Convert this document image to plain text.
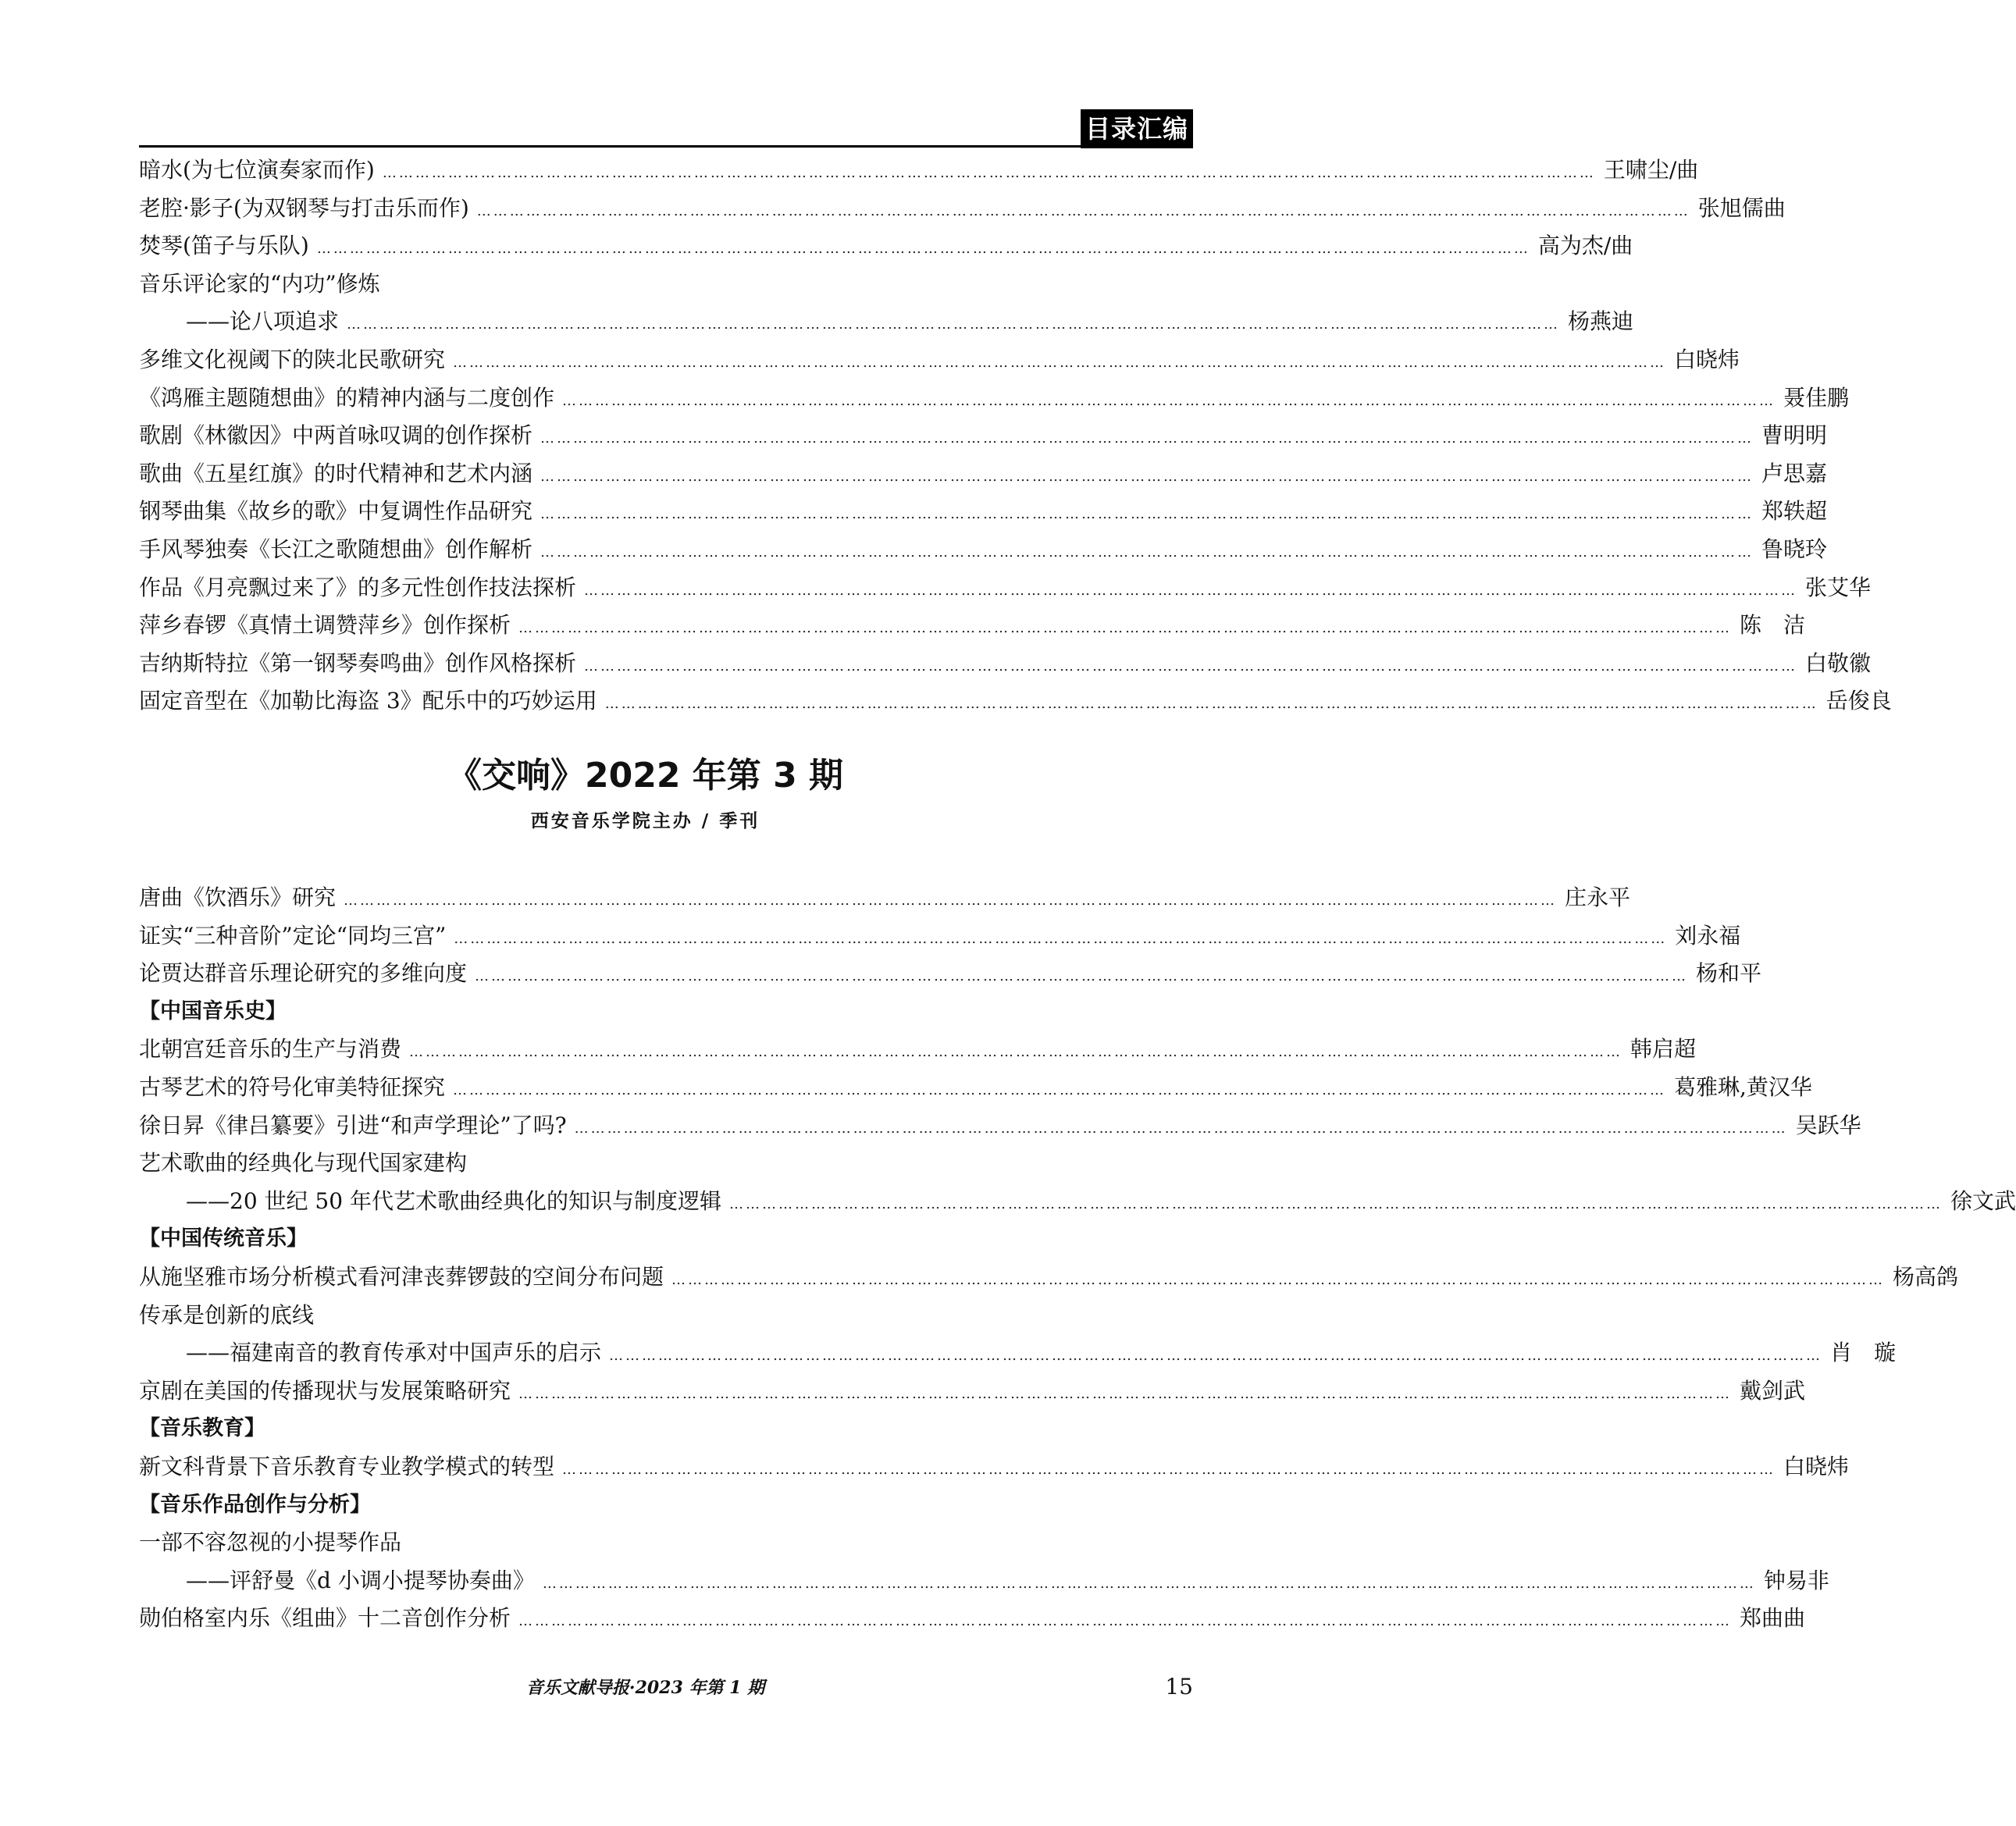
目录汇编
暗水(为七位演奏家而作) …………………………………………………………………………………………………………………………………………………………………………………………………… 王啸尘/曲
老腔·影子(为双钢琴与打击乐而作) …………………………………………………………………………………………………………………………………………………………………………………………………… 张旭儒曲
焚琴(笛子与乐队) …………………………………………………………………………………………………………………………………………………………………………………………………… 高为杰/曲
音乐评论家的“内功”修炼
——论八项追求 …………………………………………………………………………………………………………………………………………………………………………………………………… 杨燕迪
多维文化视阈下的陕北民歌研究 …………………………………………………………………………………………………………………………………………………………………………………………………… 白晓炜
《鸿雁主题随想曲》的精神内涵与二度创作 …………………………………………………………………………………………………………………………………………………………………………………………………… 聂佳鹏
歌剧《林徽因》中两首咏叹调的创作探析 …………………………………………………………………………………………………………………………………………………………………………………………………… 曹明明
歌曲《五星红旗》的时代精神和艺术内涵 …………………………………………………………………………………………………………………………………………………………………………………………………… 卢思嘉
钢琴曲集《故乡的歌》中复调性作品研究 …………………………………………………………………………………………………………………………………………………………………………………………………… 郑轶超
手风琴独奏《长江之歌随想曲》创作解析 …………………………………………………………………………………………………………………………………………………………………………………………………… 鲁晓玲
作品《月亮飘过来了》的多元性创作技法探析 …………………………………………………………………………………………………………………………………………………………………………………………………… 张艾华
萍乡春锣《真情土调赞萍乡》创作探析 …………………………………………………………………………………………………………………………………………………………………………………………………… 陈　洁
吉纳斯特拉《第一钢琴奏鸣曲》创作风格探析 …………………………………………………………………………………………………………………………………………………………………………………………………… 白敬徽
固定音型在《加勒比海盗 3》配乐中的巧妙运用 …………………………………………………………………………………………………………………………………………………………………………………………………… 岳俊良
《交响》2022 年第 3 期
西安音乐学院主办 / 季刊
唐曲《饮酒乐》研究 …………………………………………………………………………………………………………………………………………………………………………………………………… 庄永平
证实“三种音阶”定论“同均三宫” …………………………………………………………………………………………………………………………………………………………………………………………………… 刘永福
论贾达群音乐理论研究的多维向度 …………………………………………………………………………………………………………………………………………………………………………………………………… 杨和平
【中国音乐史】
北朝宫廷音乐的生产与消费 …………………………………………………………………………………………………………………………………………………………………………………………………… 韩启超
古琴艺术的符号化审美特征探究 …………………………………………………………………………………………………………………………………………………………………………………………………… 葛雅琳,黄汉华
徐日昇《律吕纂要》引进“和声学理论”了吗? …………………………………………………………………………………………………………………………………………………………………………………………………… 吴跃华
艺术歌曲的经典化与现代国家建构
——20 世纪 50 年代艺术歌曲经典化的知识与制度逻辑 …………………………………………………………………………………………………………………………………………………………………………………………………… 徐文武
【中国传统音乐】
从施坚雅市场分析模式看河津丧葬锣鼓的空间分布问题 …………………………………………………………………………………………………………………………………………………………………………………………………… 杨高鸽
传承是创新的底线
——福建南音的教育传承对中国声乐的启示 …………………………………………………………………………………………………………………………………………………………………………………………………… 肖　璇
京剧在美国的传播现状与发展策略研究 …………………………………………………………………………………………………………………………………………………………………………………………………… 戴剑武
【音乐教育】
新文科背景下音乐教育专业教学模式的转型 …………………………………………………………………………………………………………………………………………………………………………………………………… 白晓炜
【音乐作品创作与分析】
一部不容忽视的小提琴作品
——评舒曼《d 小调小提琴协奏曲》 …………………………………………………………………………………………………………………………………………………………………………………………………… 钟易非
勋伯格室内乐《组曲》十二音创作分析 …………………………………………………………………………………………………………………………………………………………………………………………………… 郑曲曲
音乐文献导报·2023 年第 1 期	15
